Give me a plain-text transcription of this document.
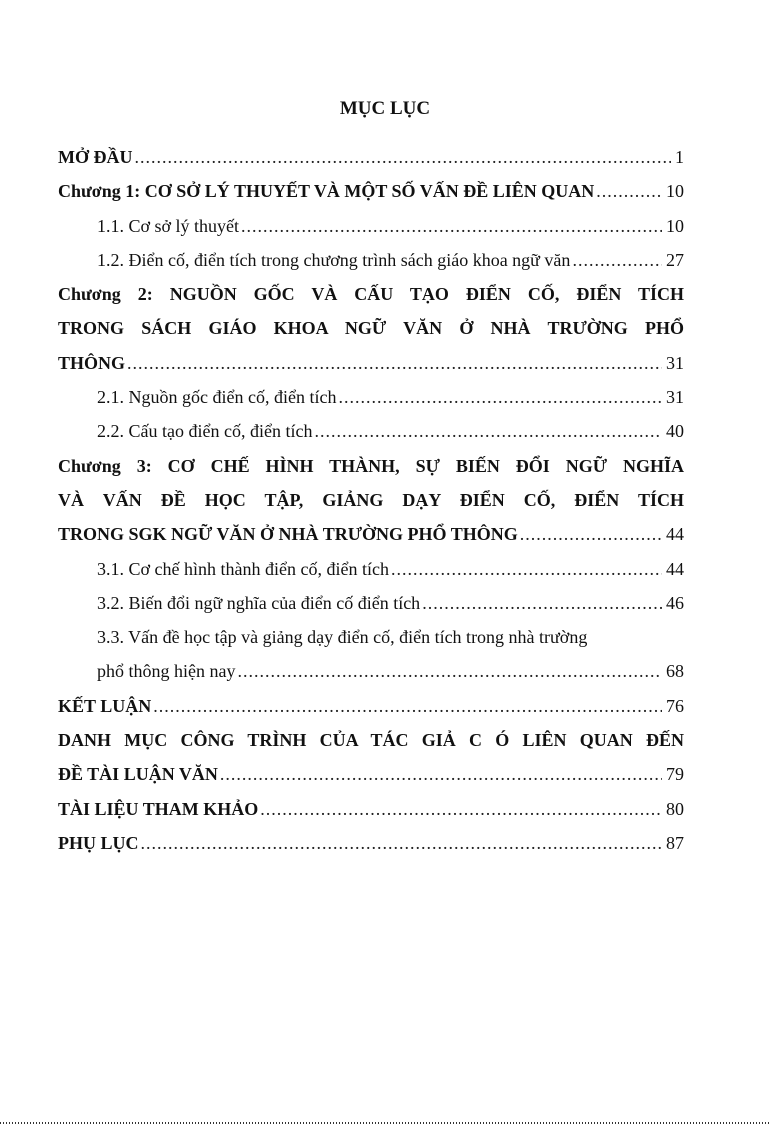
MỤC LỤC
MỞ ĐẦU .....	1
Chương 1: CƠ SỞ LÝ THUYẾT VÀ MỘT SỐ VẤN ĐỀ LIÊN QUAN .....	10
1.1. Cơ sở lý thuyết .....	10
1.2. Điển cố, điển tích trong chương trình sách giáo khoa ngữ văn .....	27
Chương 2: NGUỒN GỐC VÀ CẤU TẠO ĐIỂN CỐ, ĐIỂN TÍCH
TRONG SÁCH GIÁO KHOA NGỮ VĂN Ở NHÀ TRƯỜNG PHỔ
THÔNG .....	31
2.1. Nguồn gốc điển cố, điển tích .....	31
2.2. Cấu tạo điển cố, điển tích .....	40
Chương 3: CƠ CHẾ HÌNH THÀNH, SỰ BIẾN ĐỔI NGỮ NGHĨA
VÀ VẤN ĐỀ HỌC TẬP, GIẢNG DẠY ĐIỂN CỐ, ĐIỂN TÍCH
TRONG SGK NGỮ VĂN Ở NHÀ TRƯỜNG PHỔ THÔNG .....	44
3.1. Cơ chế hình thành điển cố, điển tích .....	44
3.2. Biến đổi ngữ nghĩa của điển cố điển tích .....	46
3.3. Vấn đề học tập và giảng dạy điển cố, điển tích trong nhà trường
phổ thông hiện nay .....	68
KẾT LUẬN .....	76
DANH MỤC CÔNG TRÌNH CỦA TÁC GIẢ C Ó LIÊN QUAN ĐẾN
ĐỀ TÀI LUẬN VĂN .....	79
TÀI LIỆU THAM KHẢO .....	80
PHỤ LỤC .....	87
